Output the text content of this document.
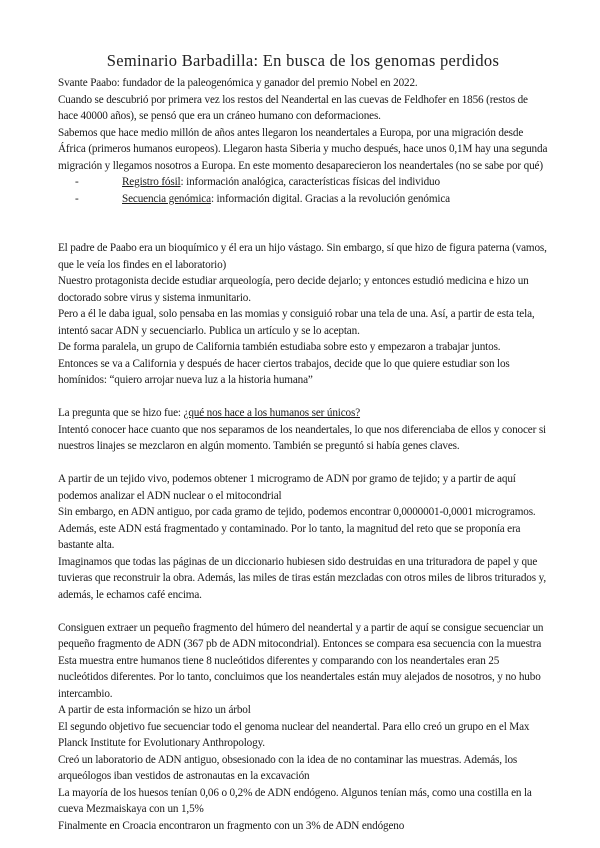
Seminario Barbadilla: En busca de los genomas perdidos

Svante Paabo: fundador de la paleogenómica y ganador del premio Nobel en 2022.

Cuando se descubrió por primera vez los restos del Neandertal en las cuevas de Feldhofer en 1856 (restos de hace 40000 años), se pensó que era un cráneo humano con deformaciones.

Sabemos que hace medio millón de años antes llegaron los neandertales a Europa, por una migración desde África (primeros humanos europeos). Llegaron hasta Siberia y mucho después, hace unos 0,1M hay una segunda migración y llegamos nosotros a Europa. En este momento desaparecieron los neandertales (no se sabe por qué)

-	Registro fósil: información analógica, características físicas del individuo
-	Secuencia genómica: información digital. Gracias a la revolución genómica

El padre de Paabo era un bioquímico y él era un hijo vástago. Sin embargo, sí que hizo de figura paterna (vamos, que le veía los findes en el laboratorio)

Nuestro protagonista decide estudiar arqueología, pero decide dejarlo; y entonces estudió medicina e hizo un doctorado sobre virus y sistema inmunitario.

Pero a él le daba igual, solo pensaba en las momias y consiguió robar una tela de una. Así, a partir de esta tela, intentó sacar ADN y secuenciarlo. Publica un artículo y se lo aceptan.

De forma paralela, un grupo de California también estudiaba sobre esto y empezaron a trabajar juntos.

Entonces se va a California y después de hacer ciertos trabajos, decide que lo que quiere estudiar son los homínidos: “quiero arrojar nueva luz a la historia humana”

La pregunta que se hizo fue: ¿qué nos hace a los humanos ser únicos?

Intentó conocer hace cuanto que nos separamos de los neandertales, lo que nos diferenciaba de ellos y conocer si nuestros linajes se mezclaron en algún momento. También se preguntó si había genes claves.

A partir de un tejido vivo, podemos obtener 1 microgramo de ADN por gramo de tejido; y a partir de aquí podemos analizar el ADN nuclear o el mitocondrial

Sin embargo, en ADN antiguo, por cada gramo de tejido, podemos encontrar 0,0000001-0,0001 microgramos. Además, este ADN está fragmentado y contaminado. Por lo tanto, la magnitud del reto que se proponía era bastante alta.

Imaginamos que todas las páginas de un diccionario hubiesen sido destruidas en una trituradora de papel y que tuvieras que reconstruir la obra. Además, las miles de tiras están mezcladas con otros miles de libros triturados y, además, le echamos café encima.

Consiguen extraer un pequeño fragmento del húmero del neandertal y a partir de aquí se consigue secuenciar un pequeño fragmento de ADN (367 pb de ADN mitocondrial). Entonces se compara esa secuencia con la muestra

Esta muestra entre humanos tiene 8 nucleótidos diferentes y comparando con los neandertales eran 25 nucleótidos diferentes. Por lo tanto, concluimos que los neandertales están muy alejados de nosotros, y no hubo intercambio.

A partir de esta información se hizo un árbol

El segundo objetivo fue secuenciar todo el genoma nuclear del neandertal. Para ello creó un grupo en el Max Planck Institute for Evolutionary Anthropology.

Creó un laboratorio de ADN antiguo, obsesionado con la idea de no contaminar las muestras. Además, los arqueólogos iban vestidos de astronautas en la excavación

La mayoría de los huesos tenían 0,06 o 0,2% de ADN endógeno. Algunos tenían más, como una costilla en la cueva Mezmaiskaya con un 1,5%

Finalmente en Croacia encontraron un fragmento con un 3% de ADN endógeno
